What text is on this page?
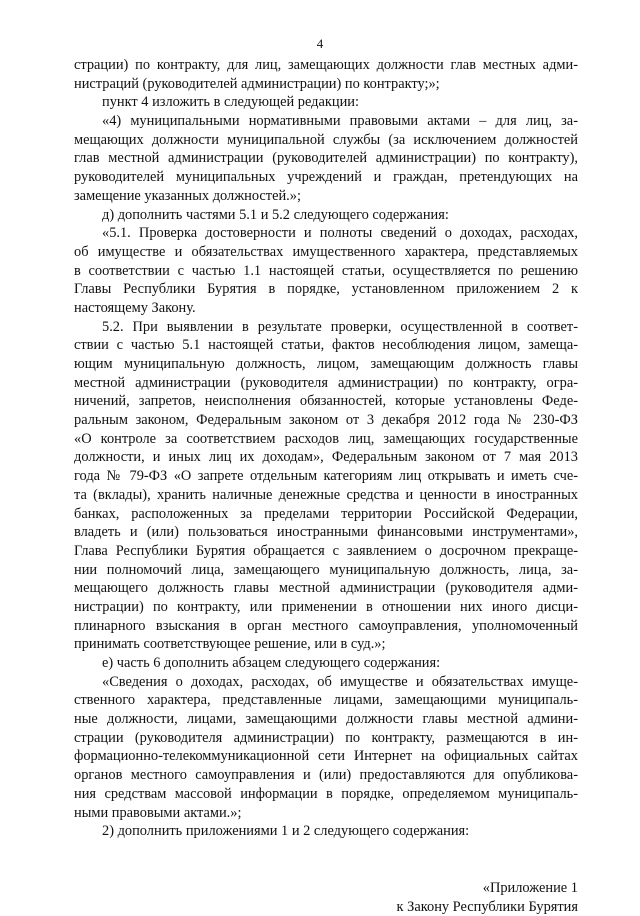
4
страции) по контракту, для лиц, замещающих должности глав местных адми-
нистраций (руководителей администрации) по контракту;»;
пункт 4 изложить в следующей редакции:
«4) муниципальными нормативными правовыми актами – для лиц, за-
мещающих должности муниципальной службы (за исключением должностей
глав местной администрации (руководителей администрации) по контракту),
руководителей муниципальных учреждений и граждан, претендующих на
замещение указанных должностей.»;
д) дополнить частями 5.1 и 5.2 следующего содержания:
«5.1. Проверка достоверности и полноты сведений о доходах, расходах,
об имуществе и обязательствах имущественного характера, представляемых
в соответствии с частью 1.1 настоящей статьи, осуществляется по решению
Главы Республики Бурятия в порядке, установленном приложением 2 к
настоящему Закону.
5.2. При выявлении в результате проверки, осуществленной в соответ-
ствии с частью 5.1 настоящей статьи, фактов несоблюдения лицом, замеща-
ющим муниципальную должность, лицом, замещающим должность главы
местной администрации (руководителя администрации) по контракту, огра-
ничений, запретов, неисполнения обязанностей, которые установлены Феде-
ральным законом, Федеральным законом от 3 декабря 2012 года № 230-ФЗ
«О контроле за соответствием расходов лиц, замещающих государственные
должности, и иных лиц их доходам», Федеральным законом от 7 мая 2013
года № 79-ФЗ «О запрете отдельным категориям лиц открывать и иметь сче-
та (вклады), хранить наличные денежные средства и ценности в иностранных
банках, расположенных за пределами территории Российской Федерации,
владеть и (или) пользоваться иностранными финансовыми инструментами»,
Глава Республики Бурятия обращается с заявлением о досрочном прекраще-
нии полномочий лица, замещающего муниципальную должность, лица, за-
мещающего должность главы местной администрации (руководителя адми-
нистрации) по контракту, или применении в отношении них иного дисци-
плинарного взыскания в орган местного самоуправления, уполномоченный
принимать соответствующее решение, или в суд.»;
е) часть 6 дополнить абзацем следующего содержания:
«Сведения о доходах, расходах, об имуществе и обязательствах имуще-
ственного характера, представленные лицами, замещающими муниципаль-
ные должности, лицами, замещающими должности главы местной админи-
страции (руководителя администрации) по контракту, размещаются в ин-
формационно-телекоммуникационной сети Интернет на официальных сайтах
органов местного самоуправления и (или) предоставляются для опубликова-
ния средствам массовой информации в порядке, определяемом муниципаль-
ными правовыми актами.»;
2) дополнить приложениями 1 и 2 следующего содержания:
«Приложение 1
к Закону Республики Бурятия
